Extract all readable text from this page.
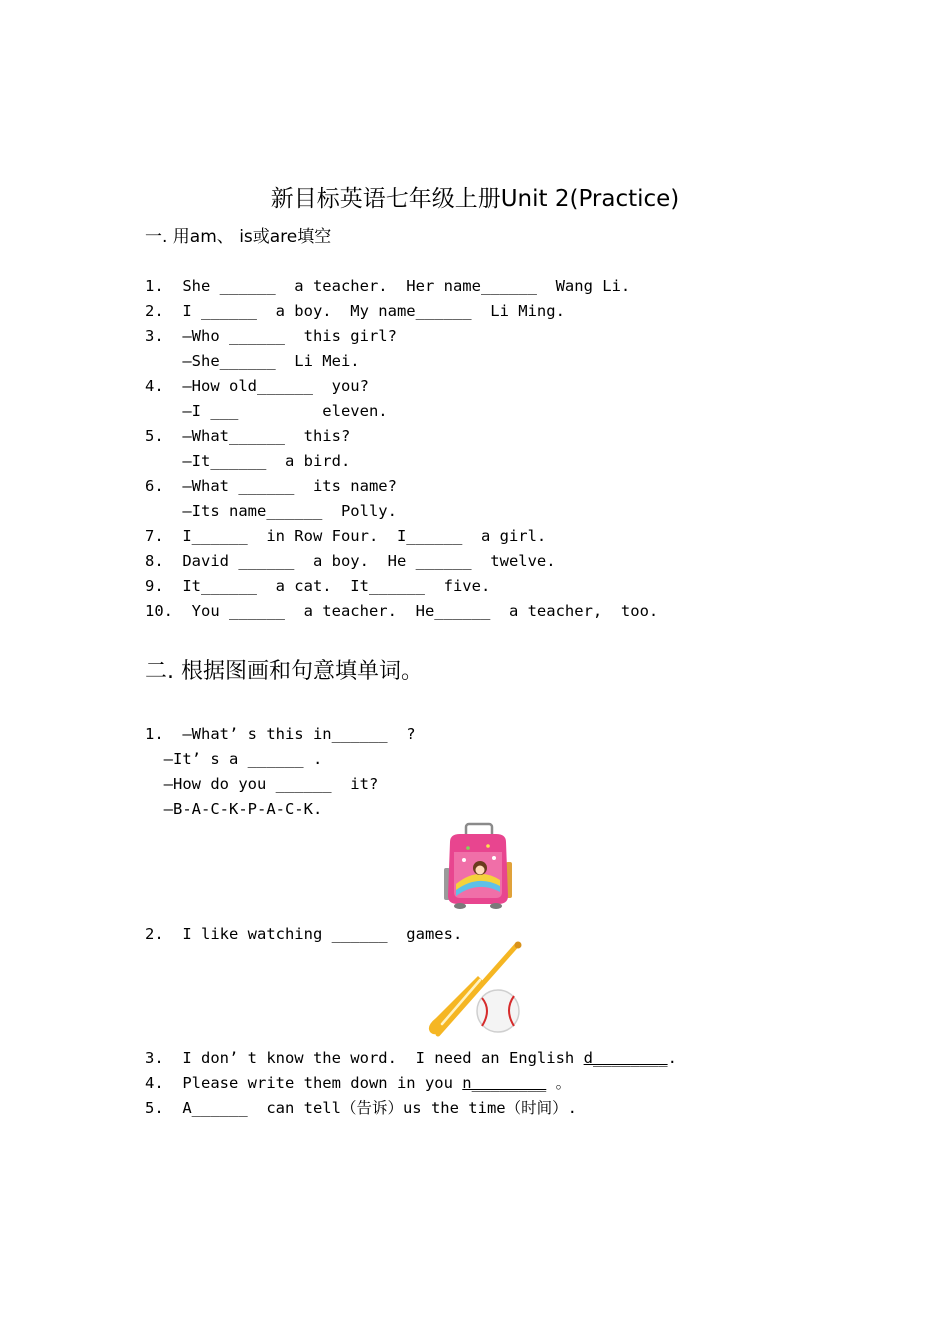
新目标英语七年级上册Unit 2(Practice)
一. 用am、 is或are填空
1.  She ______  a teacher.  Her name______  Wang Li.
2.  I ______  a boy.  My name______  Li Ming.
3.  —Who ______  this girl?
—She______  Li Mei.
4.  —How old______  you?
—I ___         eleven.
5.  —What______  this?
—It______  a bird.
6.  —What ______  its name?
—Its name______  Polly.
7.  I______  in Row Four.  I______  a girl.
8.  David ______  a boy.  He ______  twelve.
9.  It______  a cat.  It______  five.
10.  You ______  a teacher.  He______  a teacher,  too.
二. 根据图画和句意填单词。
1.  —What’ s this in______  ?
—It’ s a ______ .
—How do you ______  it?
—B-A-C-K-P-A-C-K.
2.  I like watching ______  games.
3.  I don’ t know the word.  I need an English d________.
4.  Please write them down in you n________ 。
5.  A______  can tell（告诉）us the time（时间）.
